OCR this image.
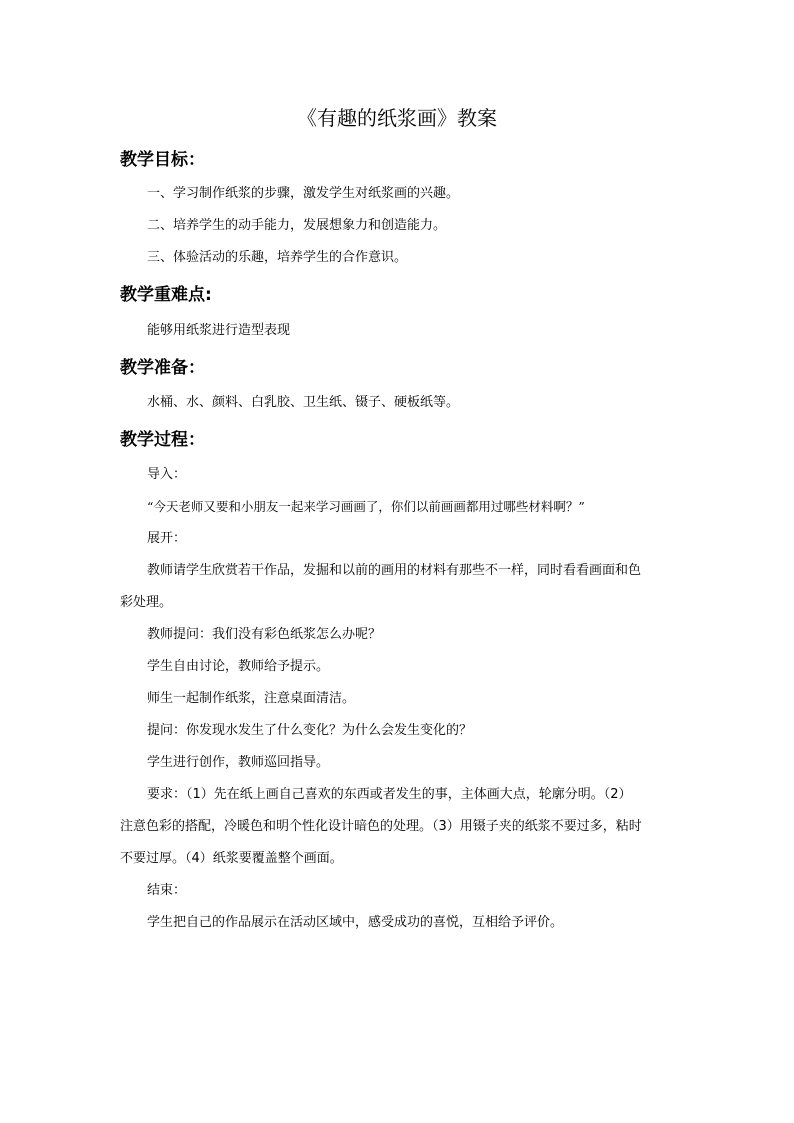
《有趣的纸浆画》教案
教学目标：
一、学习制作纸浆的步骤，激发学生对纸浆画的兴趣。
二、培养学生的动手能力，发展想象力和创造能力。
三、体验活动的乐趣，培养学生的合作意识。
教学重难点:
能够用纸浆进行造型表现
教学准备：
水桶、水、颜料、白乳胶、卫生纸、镊子、硬板纸等。
教学过程：
导入：
“今天老师又要和小朋友一起来学习画画了，你们以前画画都用过哪些材料啊？”
展开：
教师请学生欣赏若干作品，发掘和以前的画用的材料有那些不一样，同时看看画面和色
彩处理。
教师提问：我们没有彩色纸浆怎么办呢？
学生自由讨论，教师给予提示。
师生一起制作纸浆，注意桌面清洁。
提问：你发现水发生了什么变化？为什么会发生变化的？
学生进行创作，教师巡回指导。
要求：（1）先在纸上画自己喜欢的东西或者发生的事，主体画大点，轮廓分明。（2）
注意色彩的搭配，冷暖色和明个性化设计暗色的处理。（3）用镊子夹的纸浆不要过多，粘时
不要过厚。（4）纸浆要覆盖整个画面。
结束：
学生把自己的作品展示在活动区域中，感受成功的喜悦，互相给予评价。
